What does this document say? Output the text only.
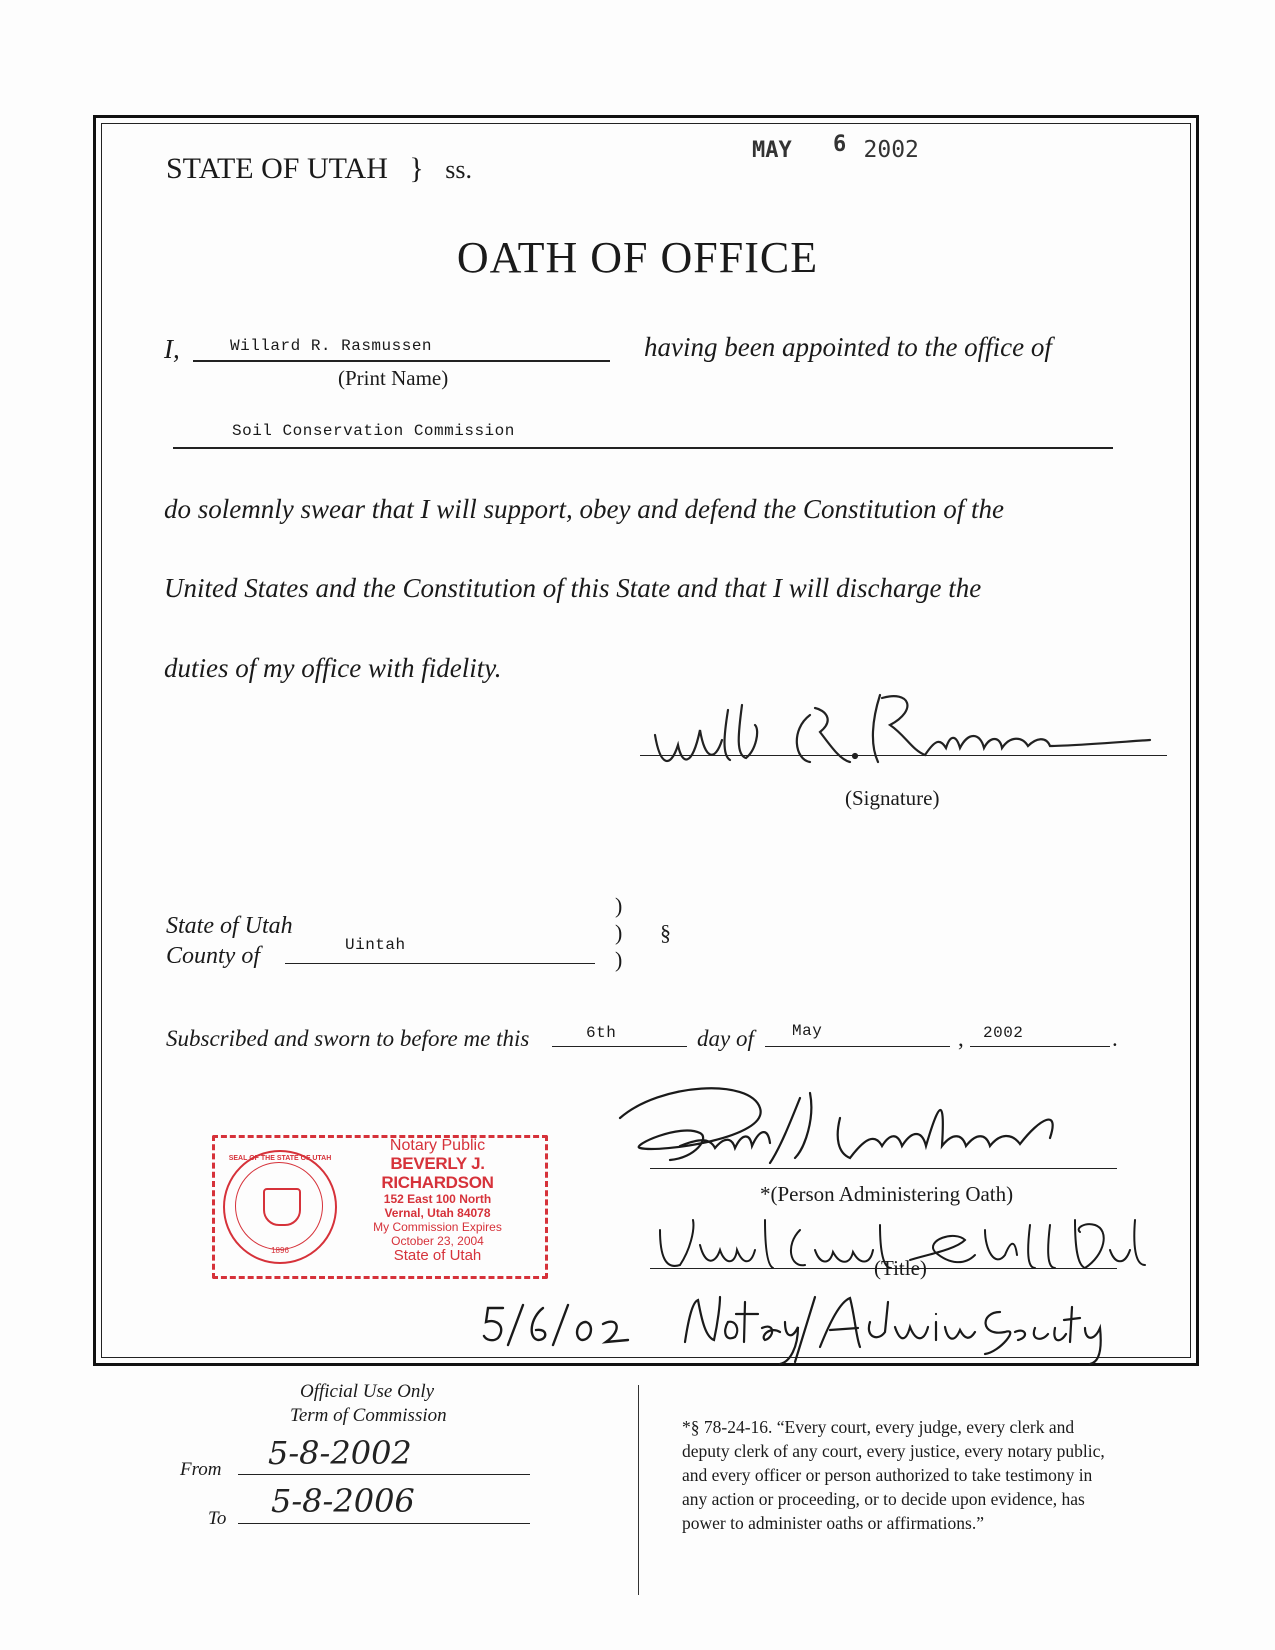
STATE OF UTAH } ss.
MAY 6 2002
OATH OF OFFICE
I,	Willard R. Rasmussen
(Print Name)
having been appointed to the office of
Soil Conservation Commission
do solemnly swear that I will support, obey and defend the Constitution of the
United States and the Constitution of this State and that I will discharge the
duties of my office with fidelity.
(Signature)
State of Utah
County of	Uintah
)
)
)
§
Subscribed and sworn to before me this	6th	day of May	, 2002	.
SEAL OF THE STATE OF UTAH
1896
Notary Public
BEVERLY J. RICHARDSON
152 East 100 North
Vernal, Utah 84078
My Commission Expires
October 23, 2004
State of Utah
*(Person Administering Oath)
(Title)
Official Use Only
Term of Commission
From 5-8-2002
To 5-8-2006
*§ 78-24-16. “Every court, every judge, every clerk and
deputy clerk of any court, every justice, every notary public,
and every officer or person authorized to take testimony in
any action or proceeding, or to decide upon evidence, has
power to administer oaths or affirmations.”
